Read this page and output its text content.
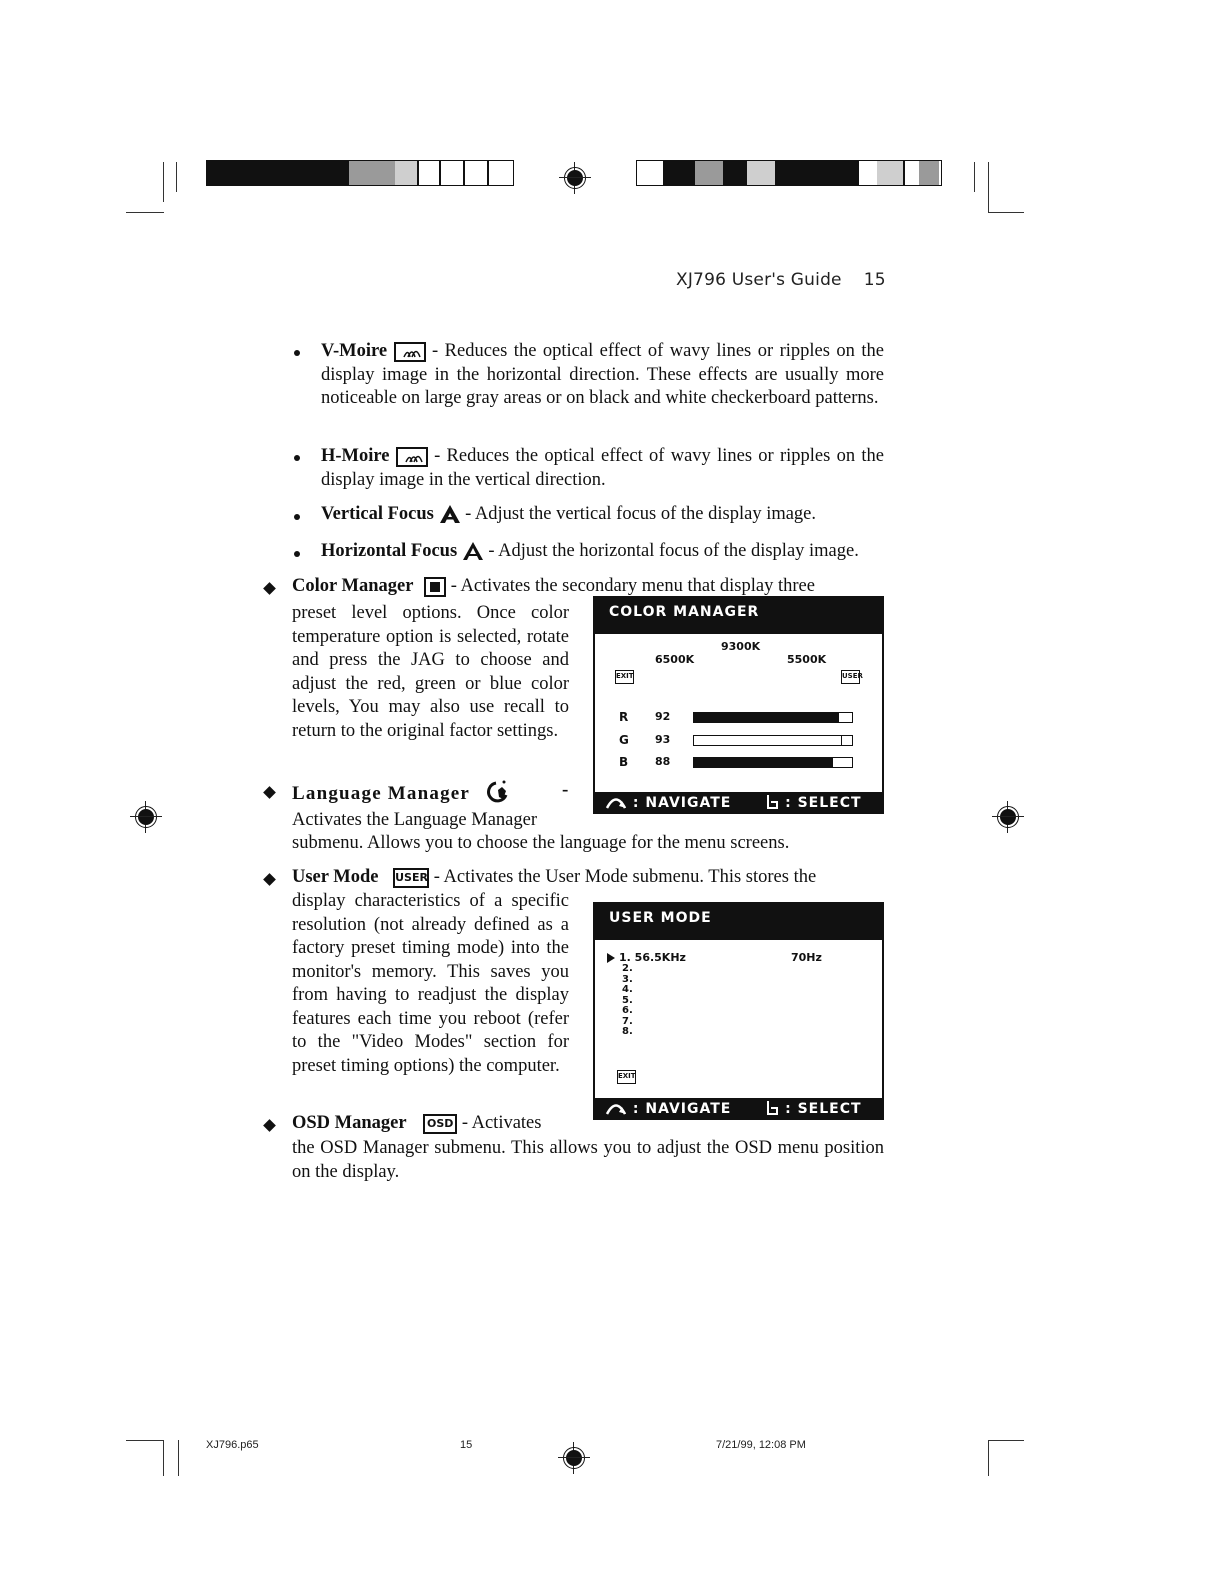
XJ796 User's Guide 15
V-Moire  - Reduces the optical effect of wavy lines or ripples on the display image in the horizontal direction. These effects are usually more noticeable on large gray areas or on black and white checkerboard patterns.
H-Moire  - Reduces the optical effect of wavy lines or ripples on the display image in the vertical direction.
Vertical Focus  - Adjust the vertical focus of the display image.
Horizontal Focus  - Adjust the horizontal focus of the display image.
Color Manager
- Activates the secondary menu that display three
preset level options. Once color temperature option is selected, rotate and press the JAG to choose and adjust the red, green or blue color levels, You may also use recall to return to the original factor settings.
COLOR MANAGER
9300K
6500K	5500K
EXIT	USER
R 92
G 93
B 88
: NAVIGATE	: SELECT
Language Manager	-
Activates the Language Manager
submenu. Allows you to choose the language for the menu screens.
User Mode USER - Activates the User Mode submenu. This stores the
display characteristics of a specific resolution (not already defined as a factory preset timing mode) into the monitor's memory. This saves you from having to readjust the display features each time you reboot (refer to the "Video Modes" section for preset timing options) the computer.
USER MODE
1. 56.5KHz	70Hz
2.
3.
4.
5.
6.
7.
8.
EXIT
: NAVIGATE	: SELECT
OSD Manager OSD - Activates
the OSD Manager submenu. This allows you to adjust the OSD menu position on the display.
XJ796.p65	15	7/21/99, 12:08 PM
